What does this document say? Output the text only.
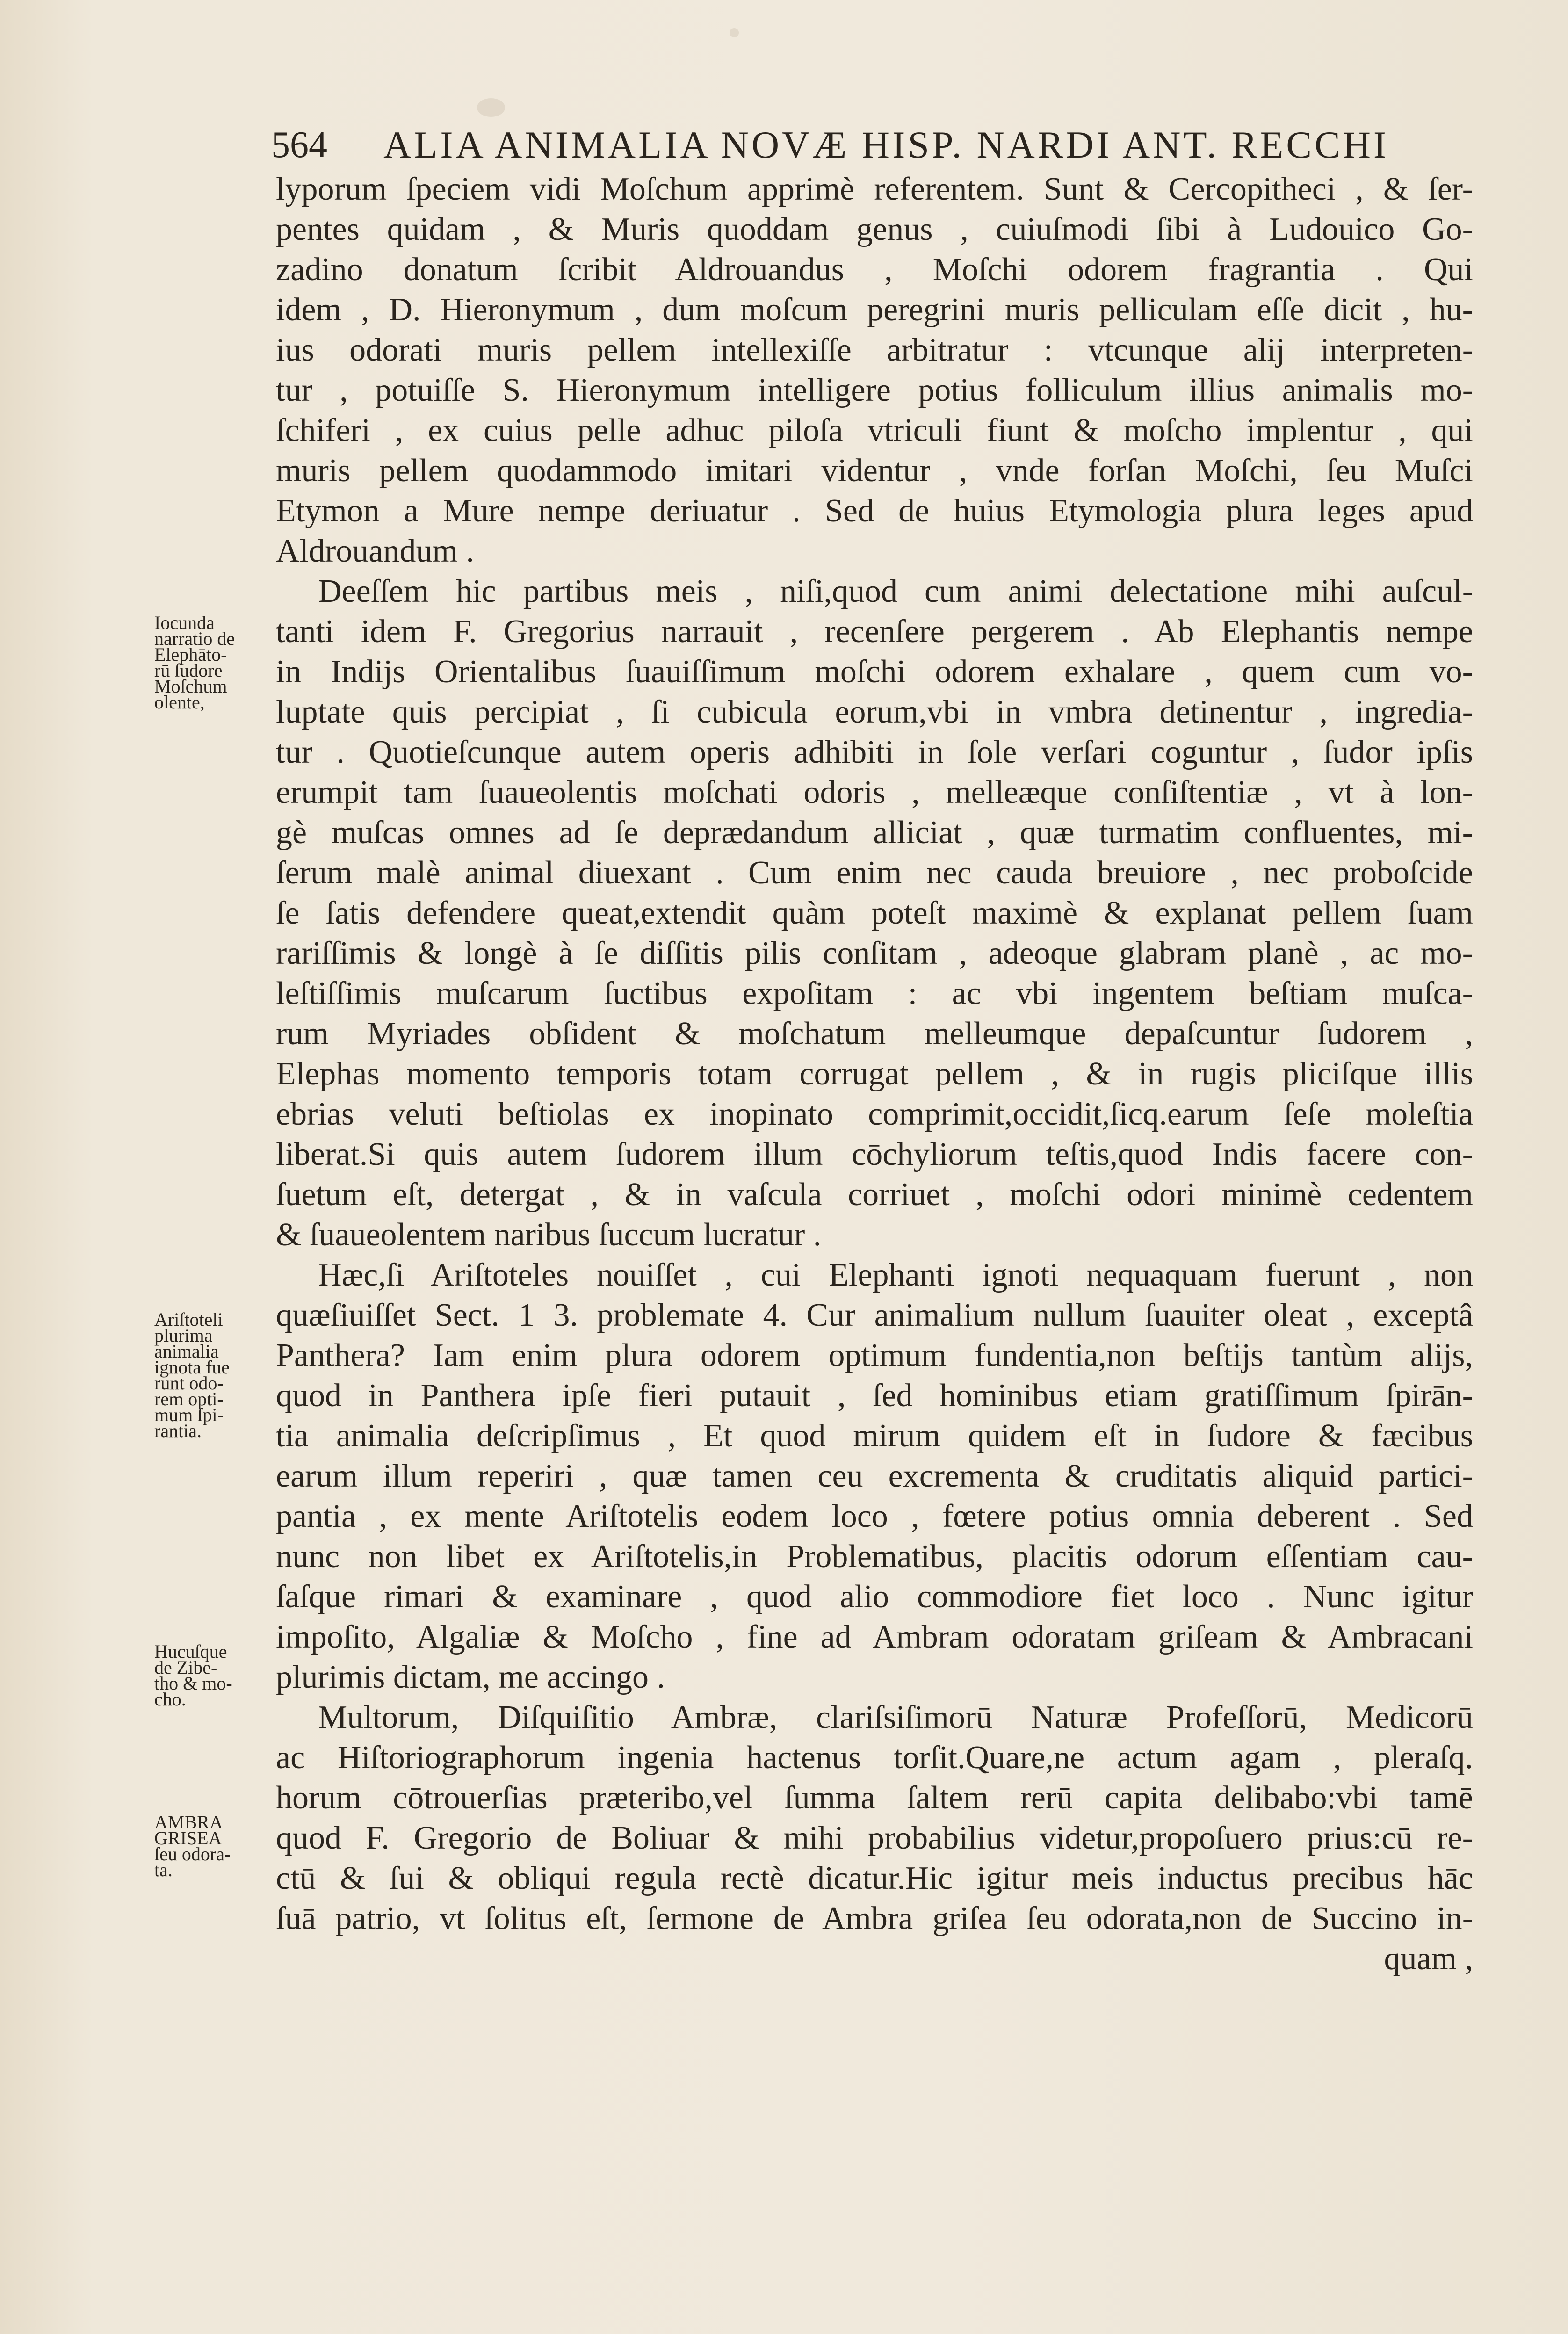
564 ALIA ANIMALIA NOVÆ HISP. NARDI ANT. RECCHI
Iocunda
narratio de
Elephāto-
rū ſudore
Moſchum
olente,
Ariſtoteli
plurima
animalia
ignota fue
runt odo-
rem opti-
mum ſpi-
rantia.
Hucuſque
de Zibe-
tho & mo-
cho.
AMBRA
GRISEA
ſeu odora-
ta.
lyporum ſpeciem vidi Moſchum apprimè referentem. Sunt & Cercopitheci , & ſer-
pentes quidam , & Muris quoddam genus , cuiuſmodi ſibi à Ludouico Go-
zadino donatum ſcribit Aldrouandus , Moſchi odorem fragrantia . Qui
idem , D. Hieronymum , dum moſcum peregrini muris pelliculam eſſe dicit , hu-
ius odorati muris pellem intellexiſſe arbitratur : vtcunque alij interpreten-
tur , potuiſſe S. Hieronymum intelligere potius folliculum illius animalis mo-
ſchiferi , ex cuius pelle adhuc piloſa vtriculi fiunt & moſcho implentur , qui
muris pellem quodammodo imitari videntur , vnde forſan Moſchi, ſeu Muſci
Etymon a Mure nempe deriuatur . Sed de huius Etymologia plura leges apud
Aldrouandum .
Deeſſem hic partibus meis , niſi,quod cum animi delectatione mihi auſcul-
tanti idem F. Gregorius narrauit , recenſere pergerem . Ab Elephantis nempe
in Indijs Orientalibus ſuauiſſimum moſchi odorem exhalare , quem cum vo-
luptate quis percipiat , ſi cubicula eorum,vbi in vmbra detinentur , ingredia-
tur . Quotieſcunque autem operis adhibiti in ſole verſari coguntur , ſudor ipſis
erumpit tam ſuaueolentis moſchati odoris , melleæque conſiſtentiæ , vt à lon-
gè muſcas omnes ad ſe deprædandum alliciat , quæ turmatim confluentes, mi-
ſerum malè animal diuexant . Cum enim nec cauda breuiore , nec proboſcide
ſe ſatis defendere queat,extendit quàm poteſt maximè & explanat pellem ſuam
rariſſimis & longè à ſe diſſitis pilis conſitam , adeoque glabram planè , ac mo-
leſtiſſimis muſcarum ſuctibus expoſitam : ac vbi ingentem beſtiam muſca-
rum Myriades obſident & moſchatum melleumque depaſcuntur ſudorem ,
Elephas momento temporis totam corrugat pellem , & in rugis pliciſque illis
ebrias veluti beſtiolas ex inopinato comprimit,occidit,ſicq.earum ſeſe moleſtia
liberat.Si quis autem ſudorem illum cōchyliorum teſtis,quod Indis facere con-
ſuetum eſt, detergat , & in vaſcula corriuet , moſchi odori minimè cedentem
& ſuaueolentem naribus ſuccum lucratur .
Hæc,ſi Ariſtoteles nouiſſet , cui Elephanti ignoti nequaquam fuerunt , non
quæſiuiſſet Sect. 1 3. problemate 4. Cur animalium nullum ſuauiter oleat , exceptâ
Panthera? Iam enim plura odorem optimum fundentia,non beſtijs tantùm alijs,
quod in Panthera ipſe fieri putauit , ſed hominibus etiam gratiſſimum ſpirān-
tia animalia deſcripſimus , Et quod mirum quidem eſt in ſudore & fæcibus
earum illum reperiri , quæ tamen ceu excrementa & cruditatis aliquid partici-
pantia , ex mente Ariſtotelis eodem loco , fœtere potius omnia deberent . Sed
nunc non libet ex Ariſtotelis,in Problematibus, placitis odorum eſſentiam cau-
ſaſque rimari & examinare , quod alio commodiore fiet loco . Nunc igitur
impoſito, Algaliæ & Moſcho , fine ad Ambram odoratam griſeam & Ambracani
plurimis dictam, me accingo .
Multorum, Diſquiſitio Ambræ, clariſsiſimorū Naturæ Profeſſorū, Medicorū
ac Hiſtoriographorum ingenia hactenus torſit.Quare,ne actum agam , pleraſq.
horum cōtrouerſias præteribo,vel ſumma ſaltem rerū capita delibabo:vbi tamē
quod F. Gregorio de Boliuar & mihi probabilius videtur,propoſuero prius:cū re-
ctū & ſui & obliqui regula rectè dicatur.Hic igitur meis inductus precibus hāc
ſuā patrio, vt ſolitus eſt, ſermone de Ambra griſea ſeu odorata,non de Succino in-
quam ,
